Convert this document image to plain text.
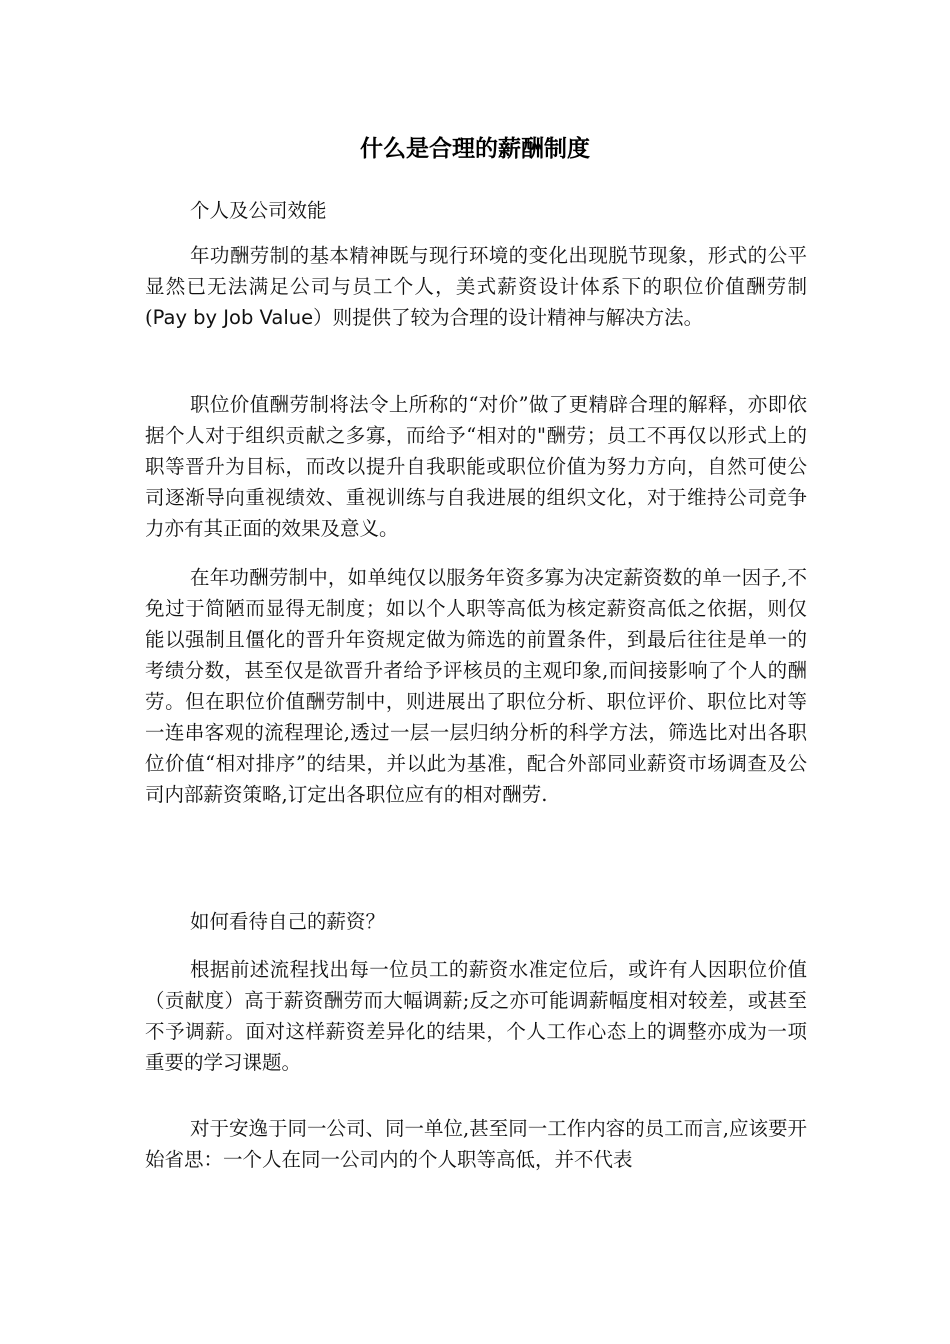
什么是合理的薪酬制度

个人及公司效能

年功酬劳制的基本精神既与现行环境的变化出现脱节现象，形式的公平显然已无法满足公司与员工个人，美式薪资设计体系下的职位价值酬劳制(Pay by Job Value）则提供了较为合理的设计精神与解决方法。

职位价值酬劳制将法令上所称的“对价”做了更精辟合理的解释，亦即依据个人对于组织贡献之多寡，而给予“相对的"酬劳；员工不再仅以形式上的职等晋升为目标，而改以提升自我职能或职位价值为努力方向，自然可使公司逐渐导向重视绩效、重视训练与自我进展的组织文化，对于维持公司竞争力亦有其正面的效果及意义。

在年功酬劳制中，如单纯仅以服务年资多寡为决定薪资数的单一因子,不免过于简陋而显得无制度；如以个人职等高低为核定薪资高低之依据，则仅能以强制且僵化的晋升年资规定做为筛选的前置条件，到最后往往是单一的考绩分数，甚至仅是欲晋升者给予评核员的主观印象,而间接影响了个人的酬劳。但在职位价值酬劳制中，则进展出了职位分析、职位评价、职位比对等一连串客观的流程理论,透过一层一层归纳分析的科学方法，筛选比对出各职位价值“相对排序”的结果，并以此为基准，配合外部同业薪资市场调查及公司内部薪资策略,订定出各职位应有的相对酬劳.

如何看待自己的薪资？

根据前述流程找出每一位员工的薪资水准定位后，或许有人因职位价值（贡献度）高于薪资酬劳而大幅调薪;反之亦可能调薪幅度相对较差，或甚至不予调薪。面对这样薪资差异化的结果，个人工作心态上的调整亦成为一项重要的学习课题。

对于安逸于同一公司、同一单位,甚至同一工作内容的员工而言,应该要开始省思：一个人在同一公司内的个人职等高低，并不代表
